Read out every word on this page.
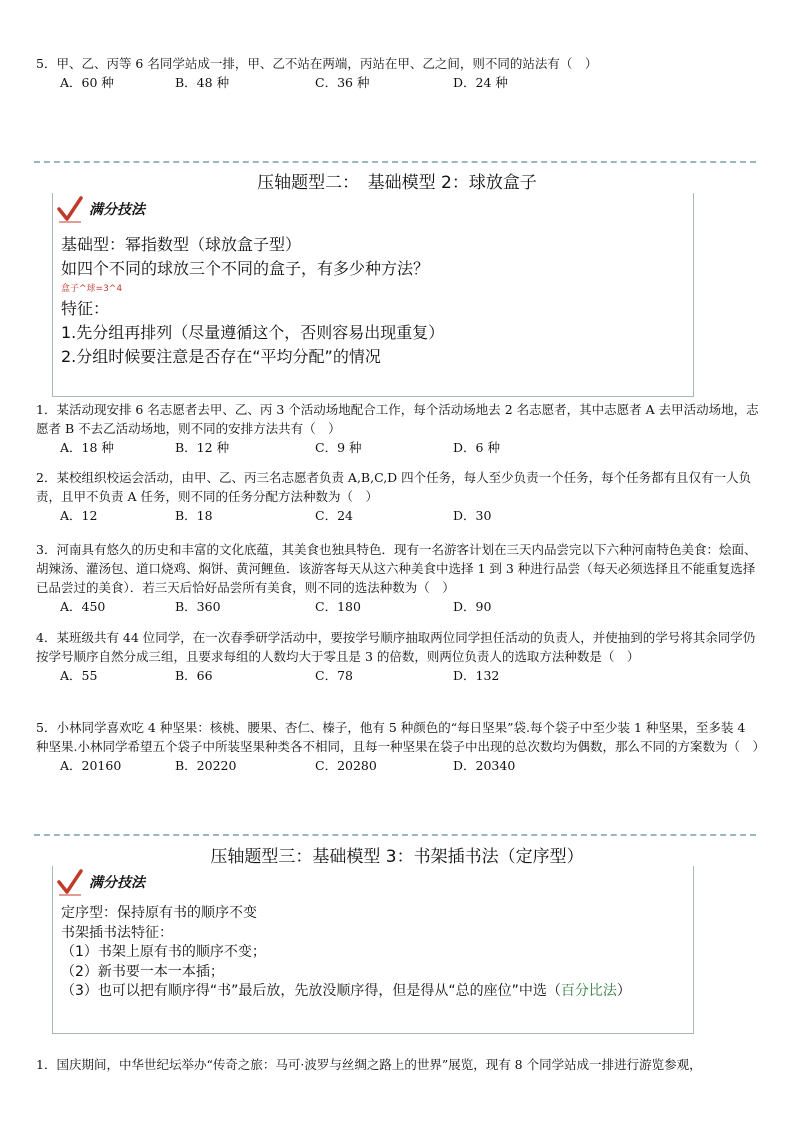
5．甲、乙、丙等 6 名同学站成一排，甲、乙不站在两端，丙站在甲、乙之间，则不同的站法有（　）

A．60 种	B．48 种	C．36 种	D．24 种
压轴题型二：　基础模型 2：球放盒子
满分技法
基础型：幂指数型（球放盒子型）
如四个不同的球放三个不同的盒子，有多少种方法？
盒子^球=3^4
特征：
1.先分组再排列（尽量遵循这个，否则容易出现重复）
2.分组时候要注意是否存在“平均分配”的情况

1．某活动现安排 6 名志愿者去甲、乙、丙 3 个活动场地配合工作，每个活动场地去 2 名志愿者，其中志愿者 A 去甲活动场地，志愿者 B 不去乙活动场地，则不同的安排方法共有（　）

A．18 种	B．12 种	C．9 种	D．6 种

2．某校组织校运会活动，由甲、乙、丙三名志愿者负责 A,B,C,D 四个任务，每人至少负责一个任务，每个任务都有且仅有一人负责，且甲不负责 A 任务，则不同的任务分配方法种数为（　）

A．12	B．18	C．24	D．30

3．河南具有悠久的历史和丰富的文化底蕴，其美食也独具特色．现有一名游客计划在三天内品尝完以下六种河南特色美食：烩面、胡辣汤、灌汤包、道口烧鸡、焖饼、黄河鲤鱼．该游客每天从这六种美食中选择 1 到 3 种进行品尝（每天必须选择且不能重复选择已品尝过的美食）．若三天后恰好品尝所有美食，则不同的选法种数为（　）

A．450	B．360	C．180	D．90

4．某班级共有 44 位同学，在一次春季研学活动中，要按学号顺序抽取两位同学担任活动的负责人，并使抽到的学号将其余同学仍按学号顺序自然分成三组，且要求每组的人数均大于零且是 3 的倍数，则两位负责人的选取方法种数是（　）

A．55	B．66	C．78	D．132

5．小林同学喜欢吃 4 种坚果：核桃、腰果、杏仁、榛子，他有 5 种颜色的“每日坚果”袋.每个袋子中至少装 1 种坚果，至多装 4 种坚果.小林同学希望五个袋子中所装坚果种类各不相同，且每一种坚果在袋子中出现的总次数均为偶数，那么不同的方案数为（　）

A．20160	B．20220	C．20280	D．20340
压轴题型三：基础模型 3：书架插书法（定序型）
满分技法
定序型：保持原有书的顺序不变
书架插书法特征：
（1）书架上原有书的顺序不变；
（2）新书要一本一本插；
（3）也可以把有顺序得“书”最后放，先放没顺序得，但是得从“总的座位”中选（百分比法）

1．国庆期间，中华世纪坛举办“传奇之旅：马可·波罗与丝绸之路上的世界”展览，现有 8 个同学站成一排进行游览参观，
